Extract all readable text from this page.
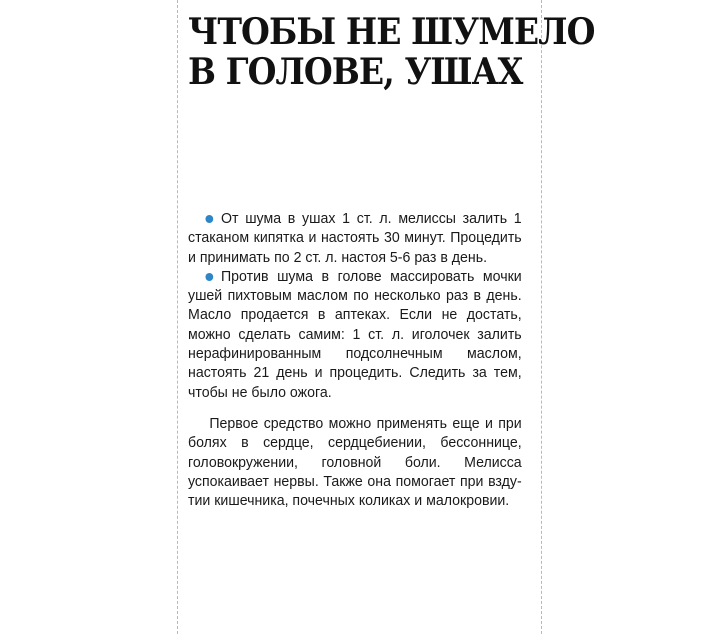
ЧТОБЫ НЕ ШУМЕЛО
В ГОЛОВЕ, УШАХ

От шума в ушах 1 ст. л. мелиссы залить 1 стаканом кипятка и настоять 30 минут. Процедить и принимать по 2 ст. л. настоя 5-6 раз в день.

Против шума в голове массировать мочки ушей пихтовым маслом по несколько раз в день. Масло продается в аптеках. Если не достать, можно сделать самим: 1 ст. л. иголочек залить нерафинированным подсолнечным маслом, настоять 21 день и процедить. Следить за тем, чтобы не было ожога.

Первое средство можно применять еще и при болях в сердце, сердцебиении, бессоннице, головокружении, головной боли. Мелисса успокаивает нервы. Также она помогает при вздутии кишечника, почечных коликах и малокровии.
